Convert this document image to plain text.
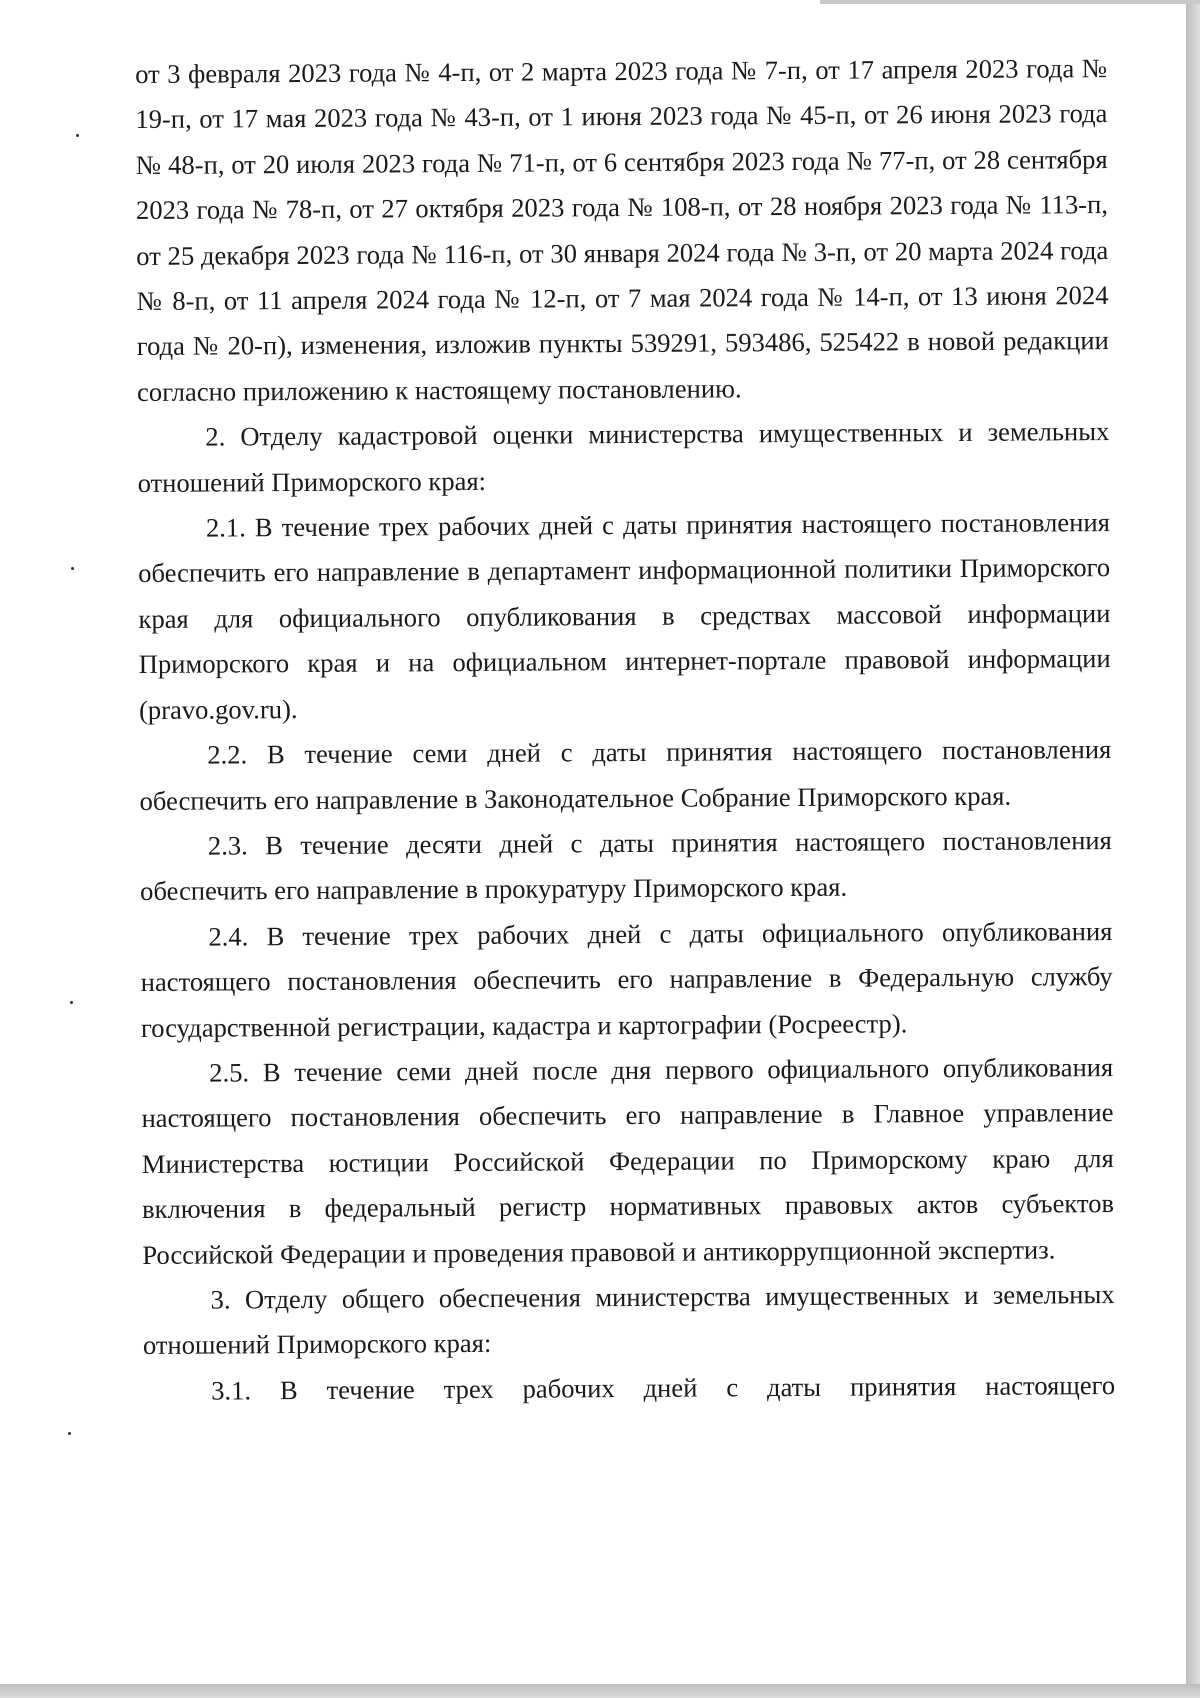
от 3 февраля 2023 года № 4-п, от 2 марта 2023 года № 7-п, от 17 апреля 2023 года № 19-п, от 17 мая 2023 года № 43-п, от 1 июня 2023 года № 45-п, от 26 июня 2023 года № 48-п, от 20 июля 2023 года № 71-п, от 6 сентября 2023 года № 77-п, от 28 сентября 2023 года № 78-п, от 27 октября 2023 года № 108-п, от 28 ноября 2023 года № 113-п, от 25 декабря 2023 года № 116-п, от 30 января 2024 года № 3-п, от 20 марта 2024 года № 8-п, от 11 апреля 2024 года № 12-п, от 7 мая 2024 года № 14-п, от 13 июня 2024 года № 20-п), изменения, изложив пункты 539291, 593486, 525422 в новой редакции согласно приложению к настоящему постановлению.

2. Отделу кадастровой оценки министерства имущественных и земельных отношений Приморского края:

2.1. В течение трех рабочих дней с даты принятия настоящего постановления обеспечить его направление в департамент информационной политики Приморского края для официального опубликования в средствах массовой информации Приморского края и на официальном интернет-портале правовой информации (pravo.gov.ru).

2.2. В течение семи дней с даты принятия настоящего постановления обеспечить его направление в Законодательное Собрание Приморского края.

2.3. В течение десяти дней с даты принятия настоящего постановления обеспечить его направление в прокуратуру Приморского края.

2.4. В течение трех рабочих дней с даты официального опубликования настоящего постановления обеспечить его направление в Федеральную службу государственной регистрации, кадастра и картографии (Росреестр).

2.5. В течение семи дней после дня первого официального опубликования настоящего постановления обеспечить его направление в Главное управление Министерства юстиции Российской Федерации по Приморскому краю для включения в федеральный регистр нормативных правовых актов субъектов Российской Федерации и проведения правовой и антикоррупционной экспертиз.

3. Отделу общего обеспечения министерства имущественных и земельных отношений Приморского края:

3.1. В течение трех рабочих дней с даты принятия настоящего
